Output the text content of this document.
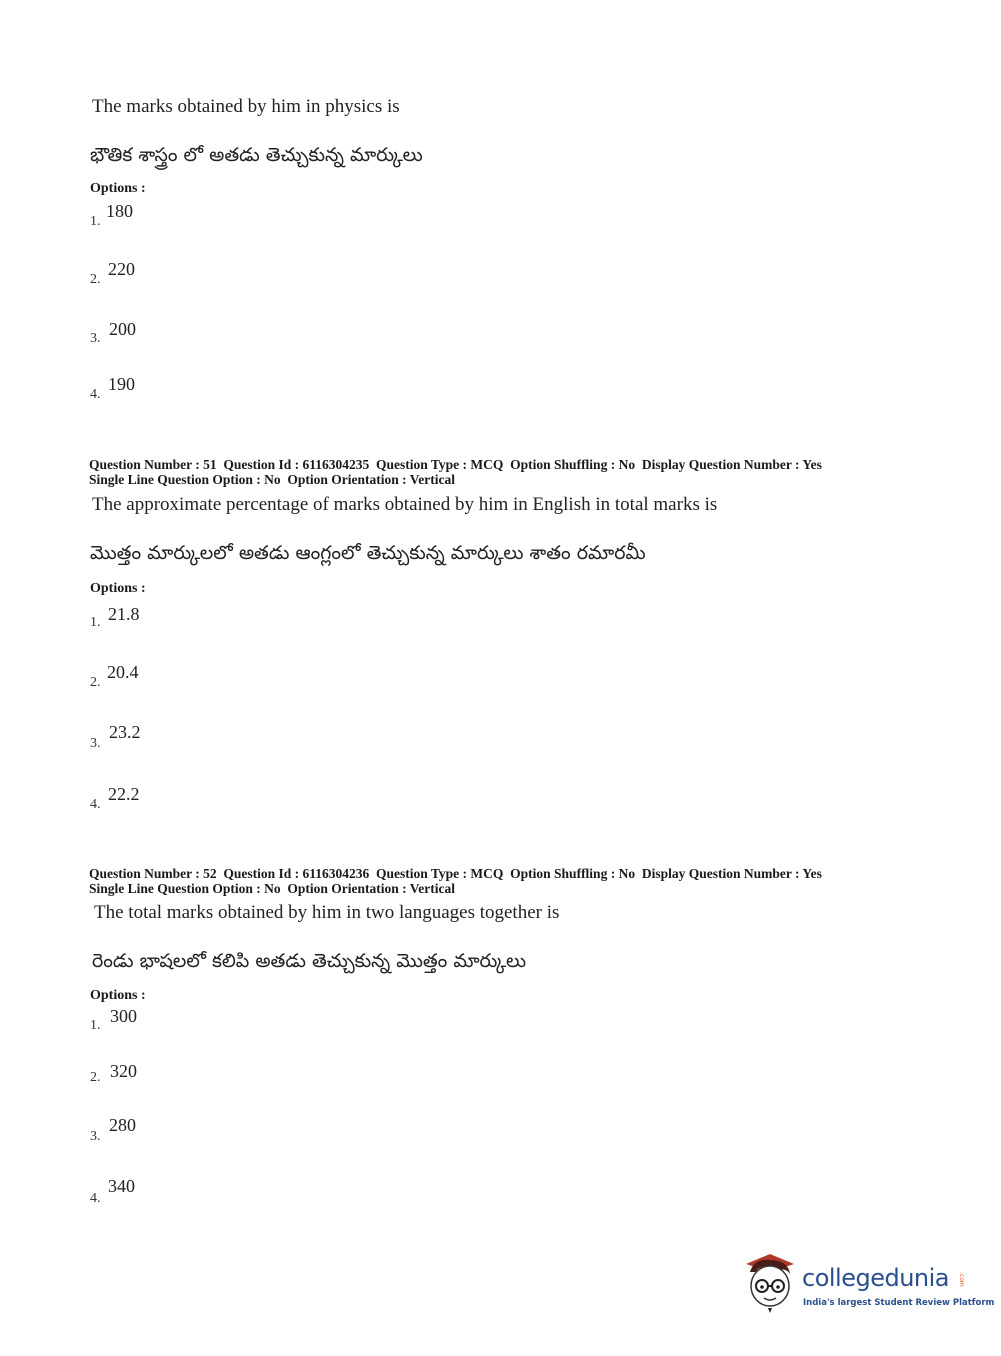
The marks obtained by him in physics is
భౌతిక శాస్త్రం లో అతడు తెచ్చుకున్న మార్కులు
Options :
1.
180
2.
220
3. 200
4.
190
Question Number : 51  Question Id : 6116304235  Question Type : MCQ  Option Shuffling : No  Display Question Number : Yes
Single Line Question Option : No  Option Orientation : Vertical
The approximate percentage of marks obtained by him in English in total marks is
మొత్తం మార్కులలో అతడు ఆంగ్లంలో తెచ్చుకున్న మార్కులు శాతం రమారమీ
Options :
1. 21.8
2.
20.4
3.
23.2
4.
22.2
Question Number : 52  Question Id : 6116304236  Question Type : MCQ  Option Shuffling : No  Display Question Number : Yes
Single Line Question Option : No  Option Orientation : Vertical
The total marks obtained by him in two languages together is
రెండు భాషలలో కలిపి అతడు తెచ్చుకున్న మొత్తం మార్కులు
Options :
1. 300
2. 320
3.
280
4.
340
collegedunia .com
India's largest Student Review Platform
